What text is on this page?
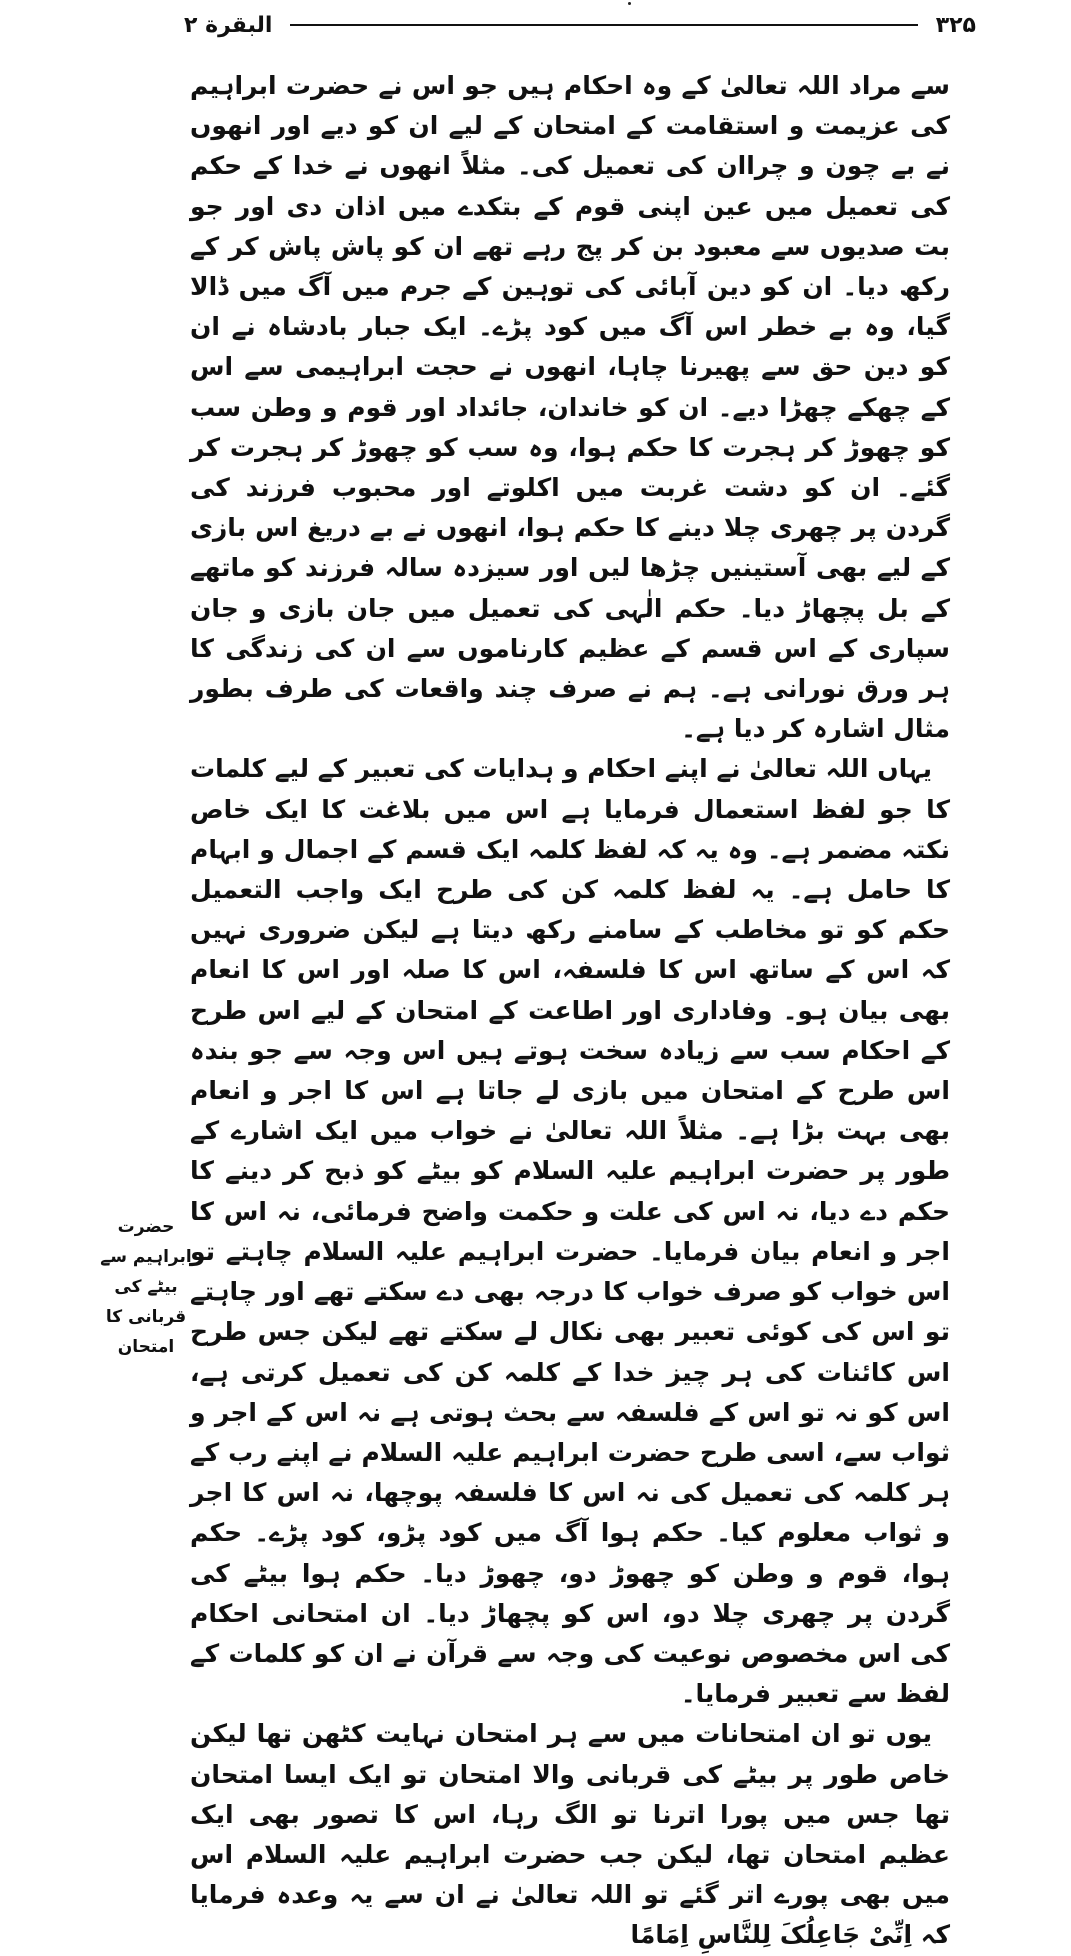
البقرة ٢	۳۲۵

سے مراد اللہ تعالیٰ کے وہ احکام ہیں جو اس نے حضرت ابراہیم کی عزیمت و استقامت کے امتحان کے لیے ان کو دیے اور انھوں نے بے چون و چراان کی تعمیل کی۔ مثلاً انھوں نے خدا کے حکم کی تعمیل میں عین اپنی قوم کے بتکدے میں اذان دی اور جو بت صدیوں سے معبود بن کر پج رہے تھے ان کو پاش پاش کر کے رکھ دیا۔ ان کو دین آبائی کی توہین کے جرم میں آگ میں ڈالا گیا، وہ بے خطر اس آگ میں کود پڑے۔ ایک جبار بادشاہ نے ان کو دین حق سے پھیرنا چاہا، انھوں نے حجت ابراہیمی سے اس کے چھکے چھڑا دیے۔ ان کو خاندان، جائداد اور قوم و وطن سب کو چھوڑ کر ہجرت کا حکم ہوا، وہ سب کو چھوڑ کر ہجرت کر گئے۔ ان کو دشت غربت میں اکلوتے اور محبوب فرزند کی گردن پر چھری چلا دینے کا حکم ہوا، انھوں نے بے دریغ اس بازی کے لیے بھی آستینیں چڑھا لیں اور سیزدہ سالہ فرزند کو ماتھے کے بل پچھاڑ دیا۔ حکم الٰہی کی تعمیل میں جان بازی و جان سپاری کے اس قسم کے عظیم کارناموں سے ان کی زندگی کا ہر ورق نورانی ہے۔ ہم نے صرف چند واقعات کی طرف بطور مثال اشارہ کر دیا ہے۔

یہاں اللہ تعالیٰ نے اپنے احکام و ہدایات کی تعبیر کے لیے کلمات کا جو لفظ استعمال فرمایا ہے اس میں بلاغت کا ایک خاص نکتہ مضمر ہے۔ وہ یہ کہ لفظ کلمہ ایک قسم کے اجمال و ابہام کا حامل ہے۔ یہ لفظ کلمہ کن کی طرح ایک واجب التعمیل حکم کو تو مخاطب کے سامنے رکھ دیتا ہے لیکن ضروری نہیں کہ اس کے ساتھ اس کا فلسفہ، اس کا صلہ اور اس کا انعام بھی بیان ہو۔ وفاداری اور اطاعت کے امتحان کے لیے اس طرح کے احکام سب سے زیادہ سخت ہوتے ہیں اس وجہ سے جو بندہ اس طرح کے امتحان میں بازی لے جاتا ہے اس کا اجر و انعام بھی بہت بڑا ہے۔ مثلاً اللہ تعالیٰ نے خواب میں ایک اشارے کے طور پر حضرت ابراہیم علیہ السلام کو بیٹے کو ذبح کر دینے کا حکم دے دیا، نہ اس کی علت و حکمت واضح فرمائی، نہ اس کا اجر و انعام بیان فرمایا۔ حضرت ابراہیم علیہ السلام چاہتے تو اس خواب کو صرف خواب کا درجہ بھی دے سکتے تھے اور چاہتے تو اس کی کوئی تعبیر بھی نکال لے سکتے تھے لیکن جس طرح اس کائنات کی ہر چیز خدا کے کلمہ کن کی تعمیل کرتی ہے، اس کو نہ تو اس کے فلسفہ سے بحث ہوتی ہے نہ اس کے اجر و ثواب سے، اسی طرح حضرت ابراہیم علیہ السلام نے اپنے رب کے ہر کلمہ کی تعمیل کی نہ اس کا فلسفہ پوچھا، نہ اس کا اجر و ثواب معلوم کیا۔ حکم ہوا آگ میں کود پڑو، کود پڑے۔ حکم ہوا، قوم و وطن کو چھوڑ دو، چھوڑ دیا۔ حکم ہوا بیٹے کی گردن پر چھری چلا دو، اس کو پچھاڑ دیا۔ ان امتحانی احکام کی اس مخصوص نوعیت کی وجہ سے قرآن نے ان کو کلمات کے لفظ سے تعبیر فرمایا۔

یوں تو ان امتحانات میں سے ہر امتحان نہایت کٹھن تھا لیکن خاص طور پر بیٹے کی قربانی والا امتحان تو ایک ایسا امتحان تھا جس میں پورا اترنا تو الگ رہا، اس کا تصور بھی ایک عظیم امتحان تھا، لیکن جب حضرت ابراہیم علیہ السلام اس میں بھی پورے اتر گئے تو اللہ تعالیٰ نے ان سے یہ وعدہ فرمایا کہ اِنِّیْ جَاعِلُکَ لِلنَّاسِ اِمَامًا

حضرت ابراہیم سے بیٹے کی قربانی کا امتحان
